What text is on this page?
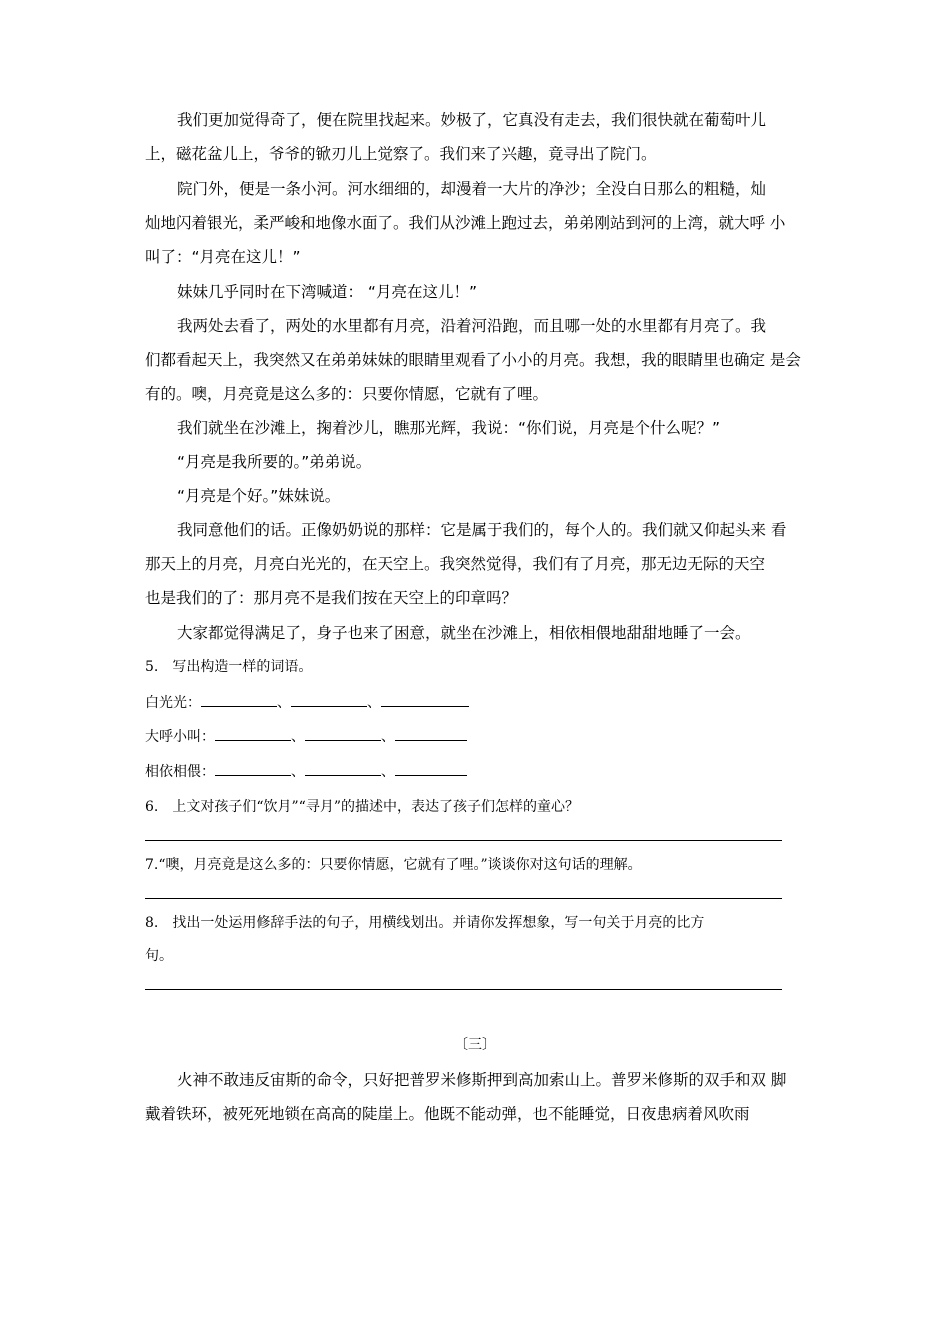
我们更加觉得奇了，便在院里找起来。妙极了，它真没有走去，我们很快就在葡萄叶儿
上，磁花盆儿上，爷爷的锨刃儿上觉察了。我们来了兴趣，竟寻出了院门。
院门外，便是一条小河。河水细细的，却漫着一大片的净沙；全没白日那么的粗糙，灿
灿地闪着银光，柔严峻和地像水面了。我们从沙滩上跑过去，弟弟刚站到河的上湾，就大呼 小
叫了：“月亮在这儿！”
妹妹几乎同时在下湾喊道： “月亮在这儿！”
我两处去看了，两处的水里都有月亮，沿着河沿跑，而且哪一处的水里都有月亮了。我
们都看起天上，我突然又在弟弟妹妹的眼睛里观看了小小的月亮。我想，我的眼睛里也确定 是会
有的。噢，月亮竟是这么多的：只要你情愿，它就有了哩。
我们就坐在沙滩上，掬着沙儿，瞧那光辉，我说：“你们说，月亮是个什么呢？”
“月亮是我所要的。”弟弟说。
“月亮是个好。”妹妹说。
我同意他们的话。正像奶奶说的那样：它是属于我们的，每个人的。我们就又仰起头来 看
那天上的月亮，月亮白光光的，在天空上。我突然觉得，我们有了月亮，那无边无际的天空
也是我们的了：那月亮不是我们按在天空上的印章吗？
大家都觉得满足了，身子也来了困意，就坐在沙滩上，相依相偎地甜甜地睡了一会。
5.　写出构造一样的词语。
白光光：	、	、
大呼小叫：	、	、
相依相偎：	、	、
6.　上文对孩子们“饮月”“寻月”的描述中，表达了孩子们怎样的童心？
7.“噢，月亮竟是这么多的：只要你情愿，它就有了哩。”谈谈你对这句话的理解。
8.　找出一处运用修辞手法的句子，用横线划出。并请你发挥想象，写一句关于月亮的比方
句。
〔三〕
火神不敢违反宙斯的命令，只好把普罗米修斯押到高加索山上。普罗米修斯的双手和双 脚
戴着铁环，被死死地锁在高高的陡崖上。他既不能动弹，也不能睡觉，日夜患病着风吹雨
